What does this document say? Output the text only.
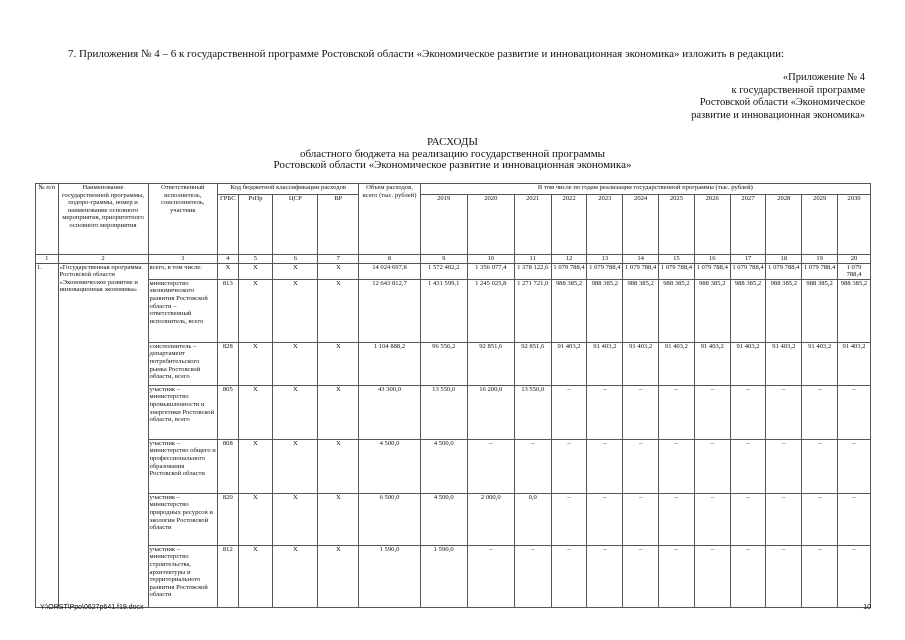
7. Приложения № 4 – 6 к государственной программе Ростовской области «Экономическое развитие и инновационная экономика» изложить в редакции:
«Приложение № 4
к государственной программе
Ростовской области «Экономическое
развитие и инновационная экономика»
РАСХОДЫ
областного бюджета на реализацию государственной программы
Ростовской области «Экономическое развитие и инновационная экономика»
№ п/п	Наименование государственной программы, подпро-граммы, номер и наименование основного мероприятия, приоритетного основного мероприятия	Ответственный исполнитель, соисполнитель, участник	Код бюджетной классификации расходов				Объем расходов, всего (тыс. рублей)	В том числе по годам реализации государственной программы (тыс. рублей)											
			ГРБС	РзПр	ЦСР	ВР		2019	2020	2021	2022	2023	2024	2025	2026	2027	2028	2029	2030
1	2	3	4	5	6	7	8	9	10	11	12	13	14	15	16	17	18	19	20
1.	«Государственная программа Ростовской области «Экономическое развитие и инновационная экономика»	всего, в том числе:	X	X	X	X	14 024 697,8	1 572 402,2	1 356 077,4	1 378 122,6	1 079 788,4	1 079 788,4	1 079 788,4	1 079 788,4	1 079 788,4	1 079 788,4	1 079 788,4	1 079 788,4	1 079 788,4
		министерство экономического развития Ростовской области – ответственный исполнитель, всего	813	X	X	X	12 643 812,7	1 431 599,1	1 245 025,8	1 271 721,0	988 385,2	988 385,2	988 385,2	988 385,2	988 385,2	988 385,2	988 385,2	988 385,2	988 385,2
		соисполнитель – департамент потребительского рынка Ростовской области, всего	828	X	X	X	1 104 888,2	96 556,2	92 851,6	92 851,6	91 403,2	91 403,2	91 403,2	91 403,2	91 403,2	91 403,2	91 403,2	91 403,2	91 403,2
		участник – министерство промышленности и энергетики Ростовской области, всего	805	X	X	X	43 300,0	13 550,0	16 200,0	13 550,0	–	–	–	–	–	–	–	–	–
		участник – министерство общего и профессионального образования Ростовской области	808	X	X	X	4 500,0	4 500,0	–	–	–	–	–	–	–	–	–	–	–
		участник – министерство природных ресурсов и экологии Ростовской области	820	X	X	X	6 500,0	4 500,0	2 000,0	0,0	–	–	–	–	–	–	–	–	–
		участник – министерство строительства, архитектуры и территориального развития Ростовской области	812	X	X	X	1 590,0	1 590,0	–	–	–	–	–	–	–	–	–	–	–
Y:\ORST\Ppo\0627p641.f19.docx	10
